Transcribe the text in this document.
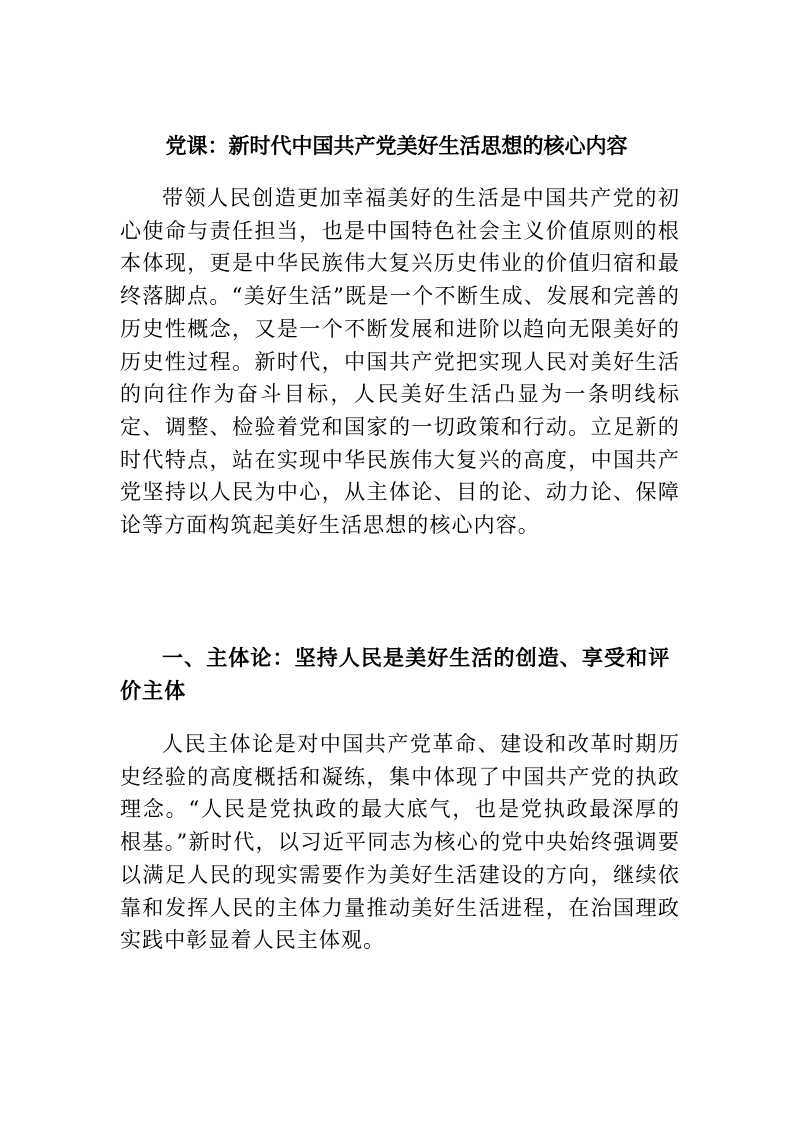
党课：新时代中国共产党美好生活思想的核心内容

带领人民创造更加幸福美好的生活是中国共产党的初心使命与责任担当，也是中国特色社会主义价值原则的根本体现，更是中华民族伟大复兴历史伟业的价值归宿和最终落脚点。“美好生活”既是一个不断生成、发展和完善的历史性概念，又是一个不断发展和进阶以趋向无限美好的历史性过程。新时代，中国共产党把实现人民对美好生活的向往作为奋斗目标，人民美好生活凸显为一条明线标定、调整、检验着党和国家的一切政策和行动。立足新的时代特点，站在实现中华民族伟大复兴的高度，中国共产党坚持以人民为中心，从主体论、目的论、动力论、保障论等方面构筑起美好生活思想的核心内容。

一、主体论：坚持人民是美好生活的创造、享受和评价主体

人民主体论是对中国共产党革命、建设和改革时期历史经验的高度概括和凝练，集中体现了中国共产党的执政理念。“人民是党执政的最大底气，也是党执政最深厚的根基。”新时代，以习近平同志为核心的党中央始终强调要以满足人民的现实需要作为美好生活建设的方向，继续依靠和发挥人民的主体力量推动美好生活进程，在治国理政实践中彰显着人民主体观。
